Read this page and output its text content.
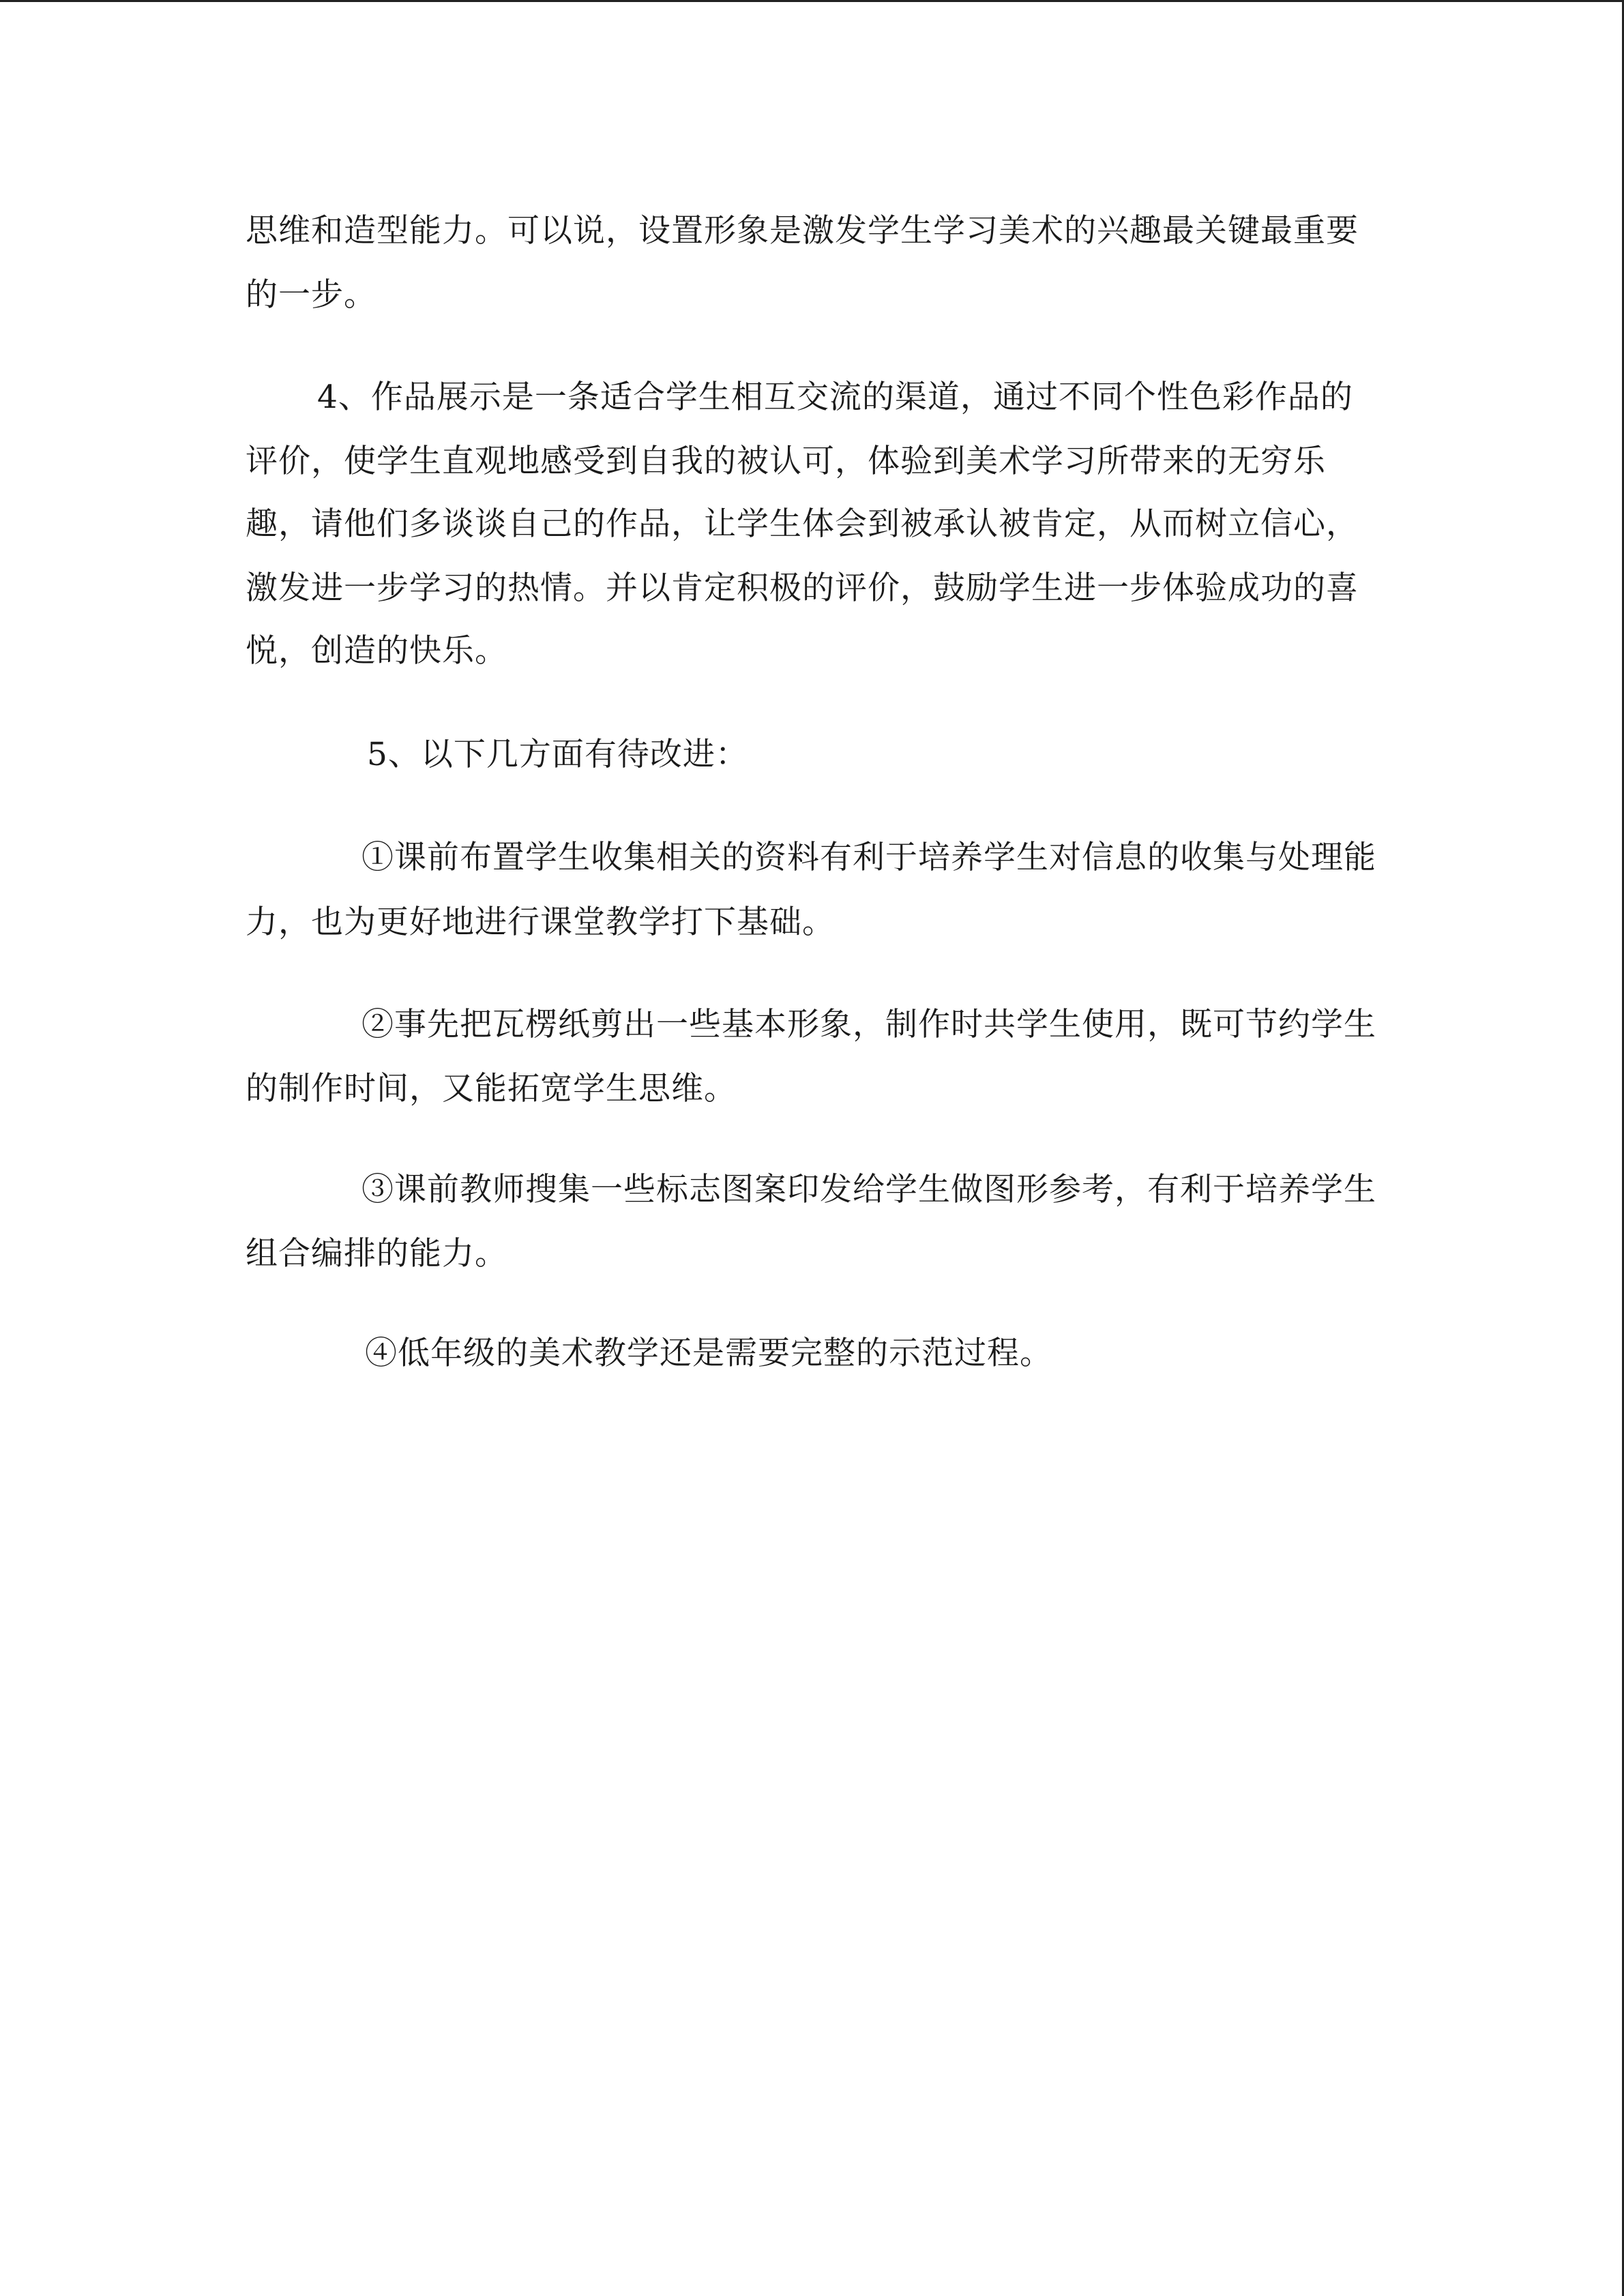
思维和造型能力。可以说，设置形象是激发学生学习美术的兴趣最关键最重要
的一步。
4、作品展示是一条适合学生相互交流的渠道，通过不同个性色彩作品的
评价，使学生直观地感受到自我的被认可，体验到美术学习所带来的无穷乐
趣，请他们多谈谈自己的作品，让学生体会到被承认被肯定，从而树立信心，
激发进一步学习的热情。并以肯定积极的评价，鼓励学生进一步体验成功的喜
悦，创造的快乐。
5、以下几方面有待改进：
①课前布置学生收集相关的资料有利于培养学生对信息的收集与处理能
力，也为更好地进行课堂教学打下基础。
②事先把瓦楞纸剪出一些基本形象，制作时共学生使用，既可节约学生
的制作时间，又能拓宽学生思维。
③课前教师搜集一些标志图案印发给学生做图形参考，有利于培养学生
组合编排的能力。
④低年级的美术教学还是需要完整的示范过程。
